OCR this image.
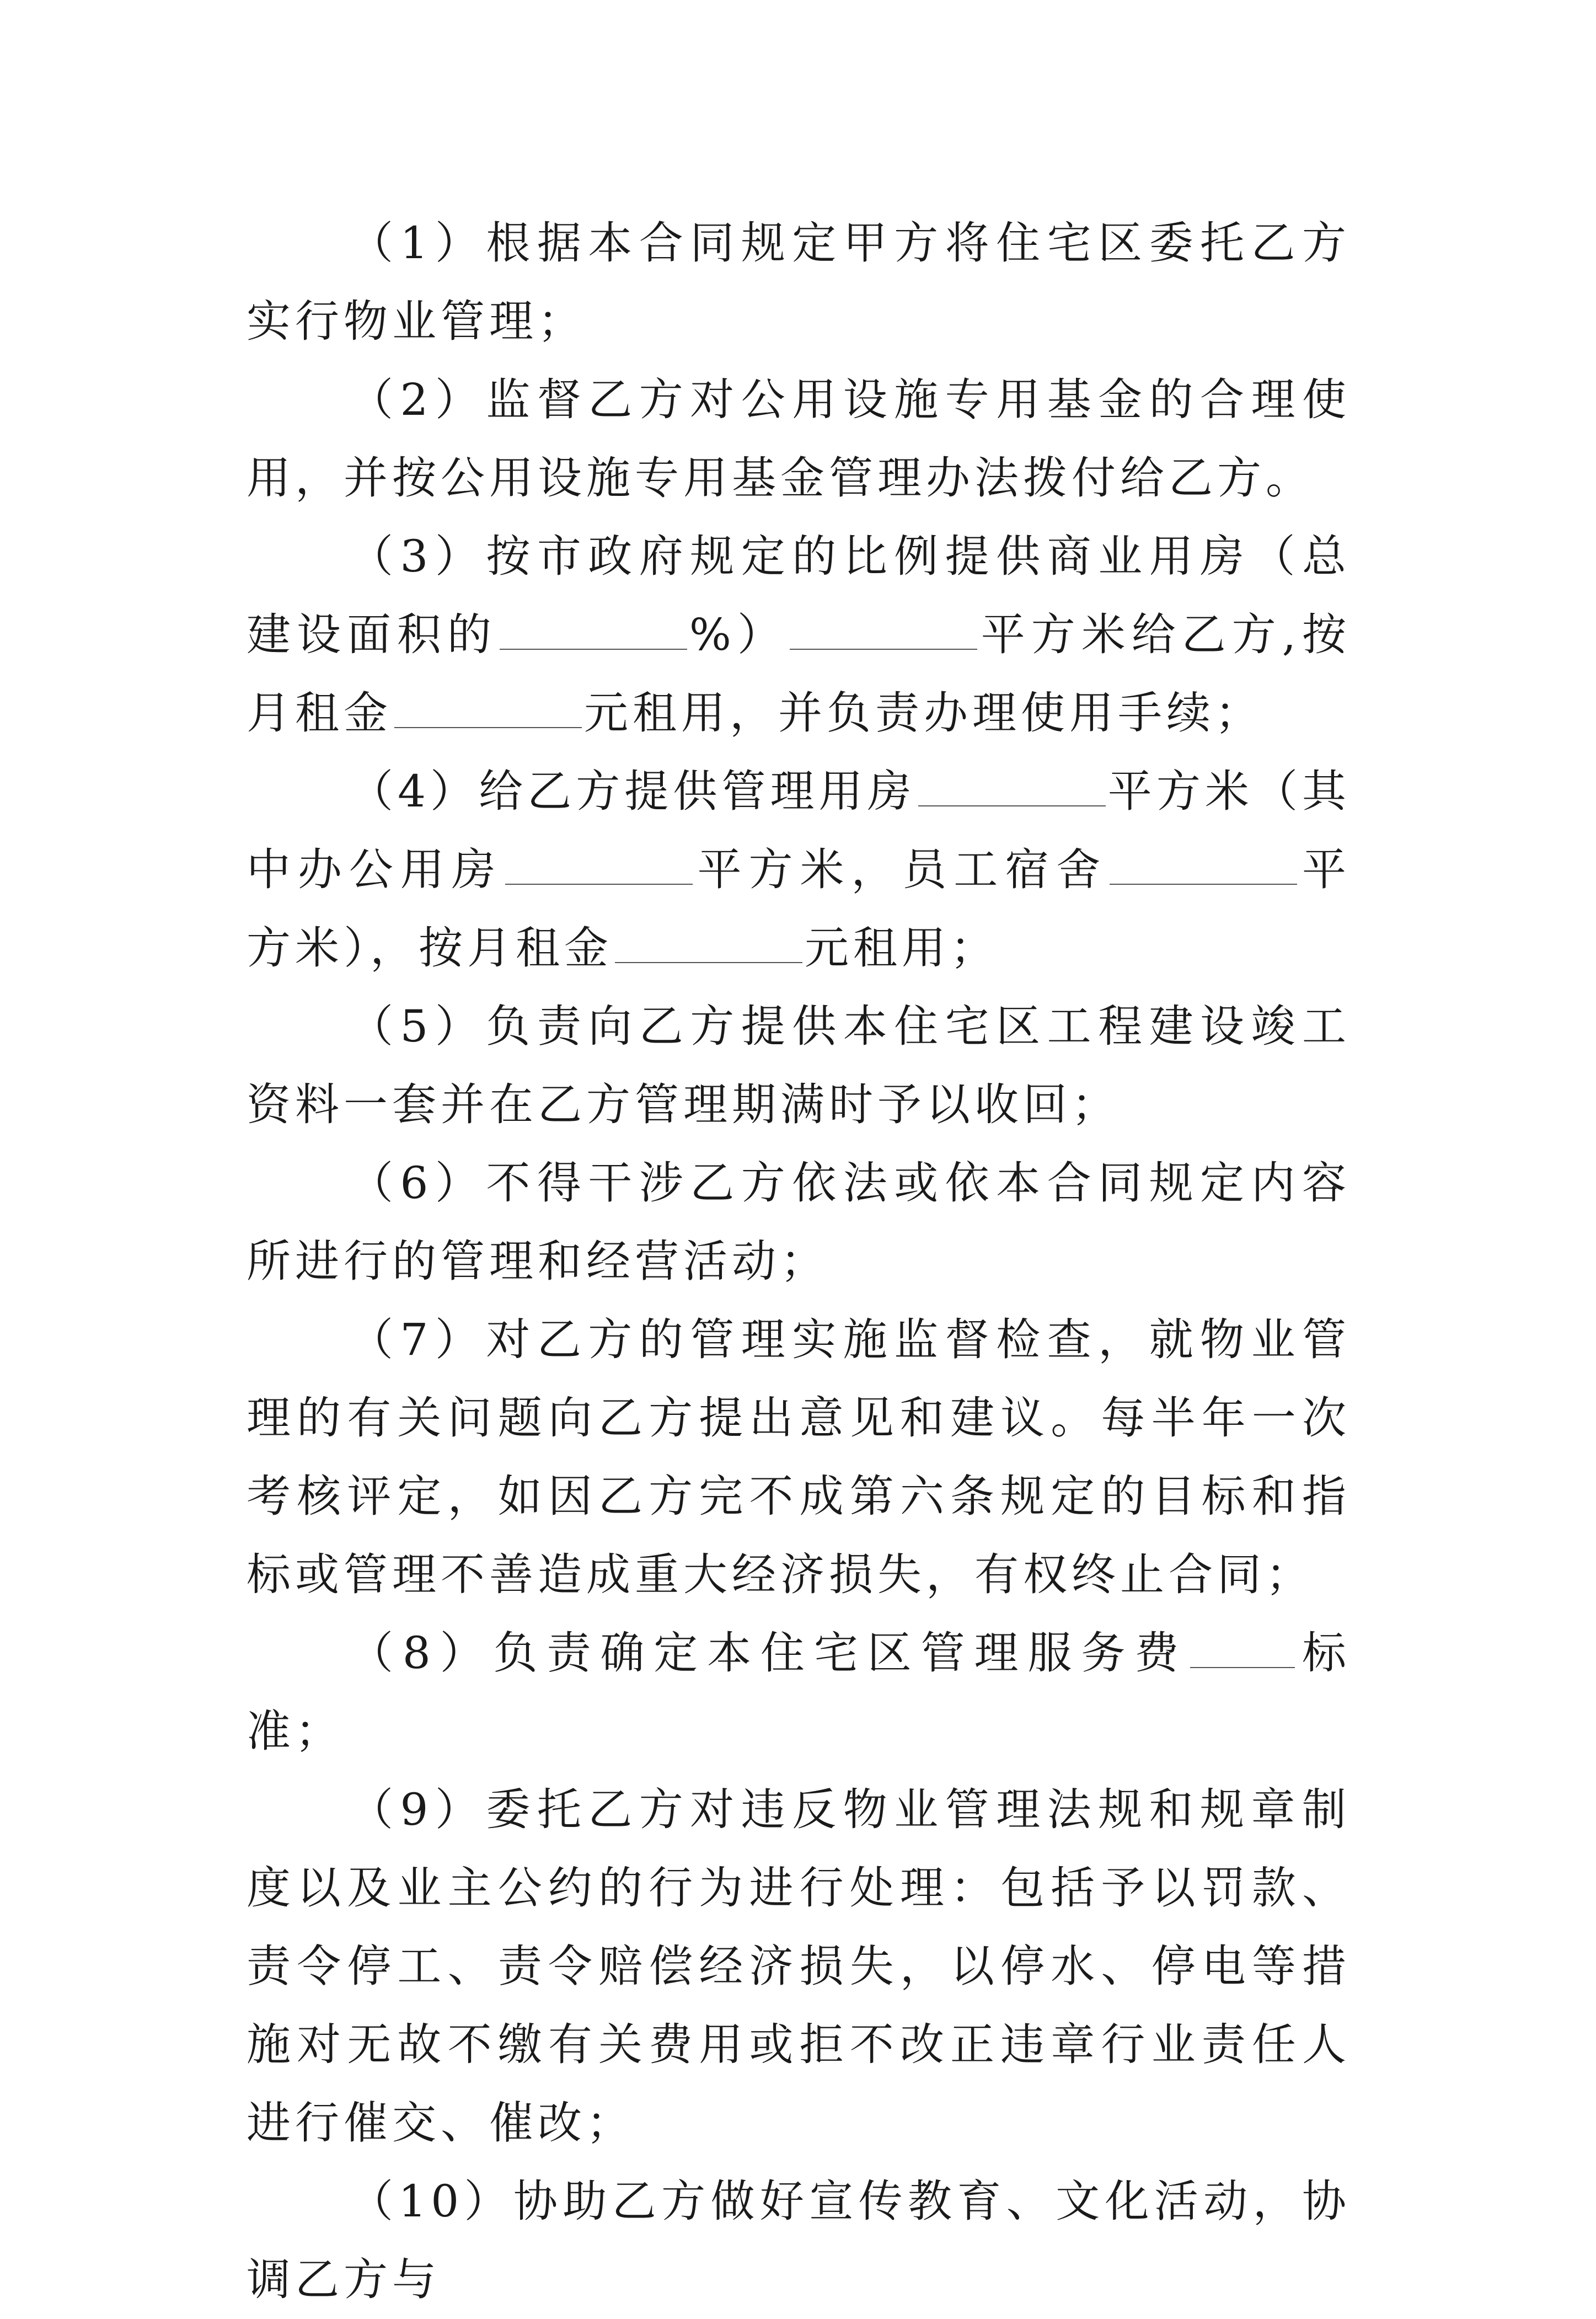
（1）根据本合同规定甲方将住宅区委托乙方实行物业管理；

（2）监督乙方对公用设施专用基金的合理使用，并按公用设施专用基金管理办法拨付给乙方。

（3）按市政府规定的比例提供商业用房（总建设面积的	%）	平方米给乙方,按月租金	元租用，并负责办理使用手续；

（4）给乙方提供管理用房	平方米（其中办公用房	平方米，员工宿舍	平方米），按月租金	元租用；

（5）负责向乙方提供本住宅区工程建设竣工资料一套并在乙方管理期满时予以收回；

（6）不得干涉乙方依法或依本合同规定内容所进行的管理和经营活动；

（7）对乙方的管理实施监督检查，就物业管理的有关问题向乙方提出意见和建议。每半年一次考核评定，如因乙方完不成第六条规定的目标和指标或管理不善造成重大经济损失，有权终止合同；

（8）负责确定本住宅区管理服务费 标准；

（9）委托乙方对违反物业管理法规和规章制度以及业主公约的行为进行处理：包括予以罚款、责令停工、责令赔偿经济损失，以停水、停电等措施对无故不缴有关费用或拒不改正违章行业责任人进行催交、催改；

（10）协助乙方做好宣传教育、文化活动，协调乙方与
